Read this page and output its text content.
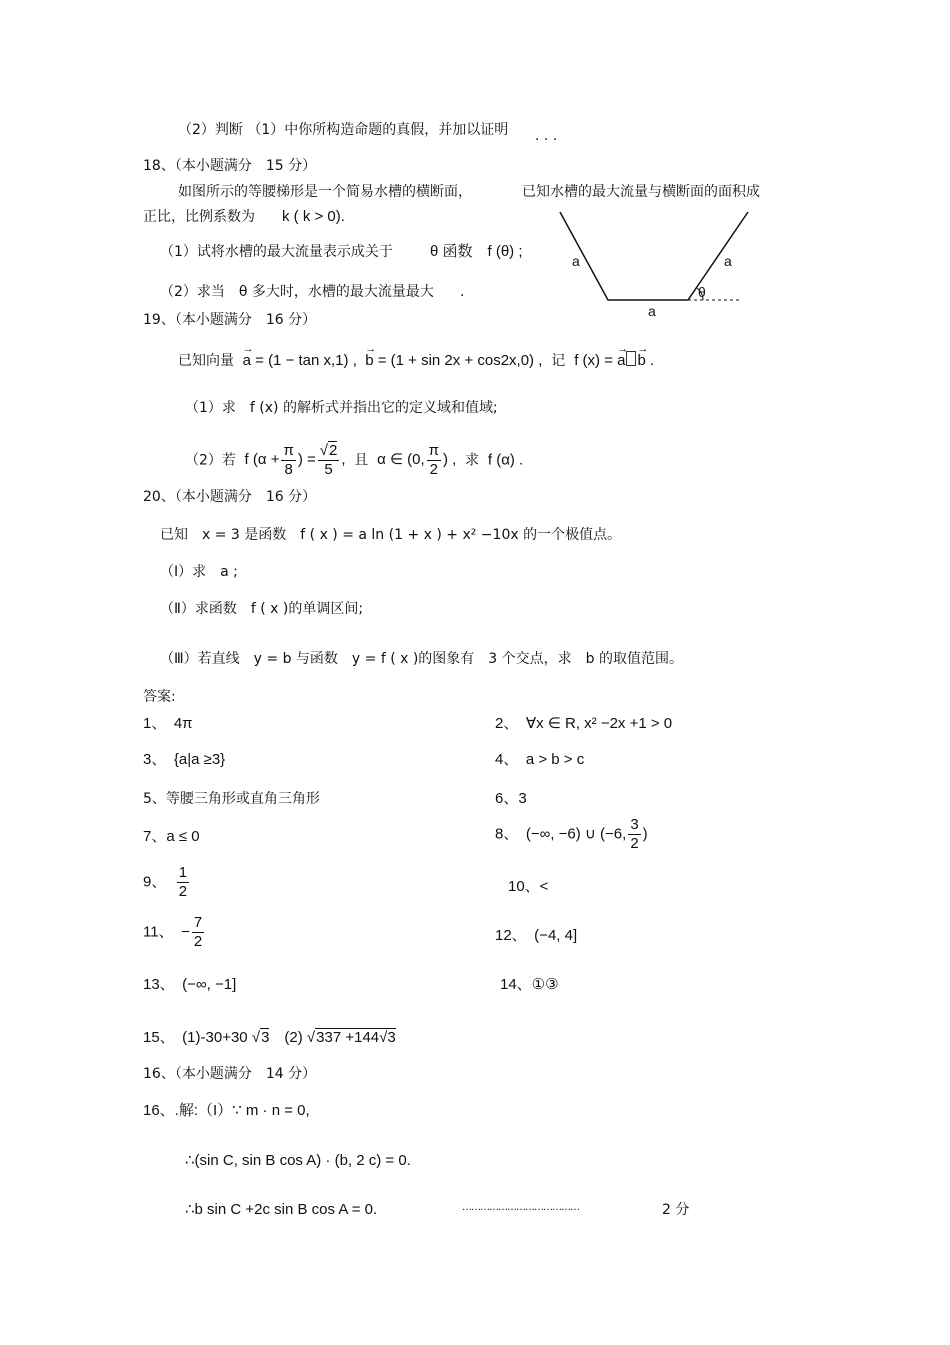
（2）判断 （1）中你所构造命题的真假，并加以证明 . . .
18、（本小题满分　15 分）
如图所示的等腰梯形是一个简易水槽的横断面，	已知水槽的最大流量与横断面的面积成
正比，比例系数为 k ( k > 0).
（1）试将水槽的最大流量表示成关于 θ 函数　f (θ) ;
（2）求当　θ 多大时，水槽的最大流量最大 .
a	a
a
θ
19、（本小题满分　16 分）
已知向量 → a = (1 − tan x,1) ,  → b = (1 + sin 2x + cos2x,0) ,  记  f (x) = → a → b .
（1）求　f (x) 的解析式并指出它的定义域和值域;
（2）若  f ($\alpha + \frac{\pi}{8}$ ) = $\frac{√2}{5}$ ,  且  α ∈ (0, $\frac{\pi}{2}$ ) ,  求  f (α) .
20、（本小题满分　16 分）
已知　x = 3 是函数　f ( x ) = a ln (1 + x ) + x² −10x 的一个极值点。
（Ⅰ）求　a ;
（Ⅱ）求函数　f ( x )的单调区间;
（Ⅲ）若直线　y = b 与函数　y = f ( x )的图象有　3 个交点，求　b 的取值范围。
答案:
1、　4π	2、　∀x ∈ R, x² −2x +1 > 0
3、　{a|a ≥3}	4、　a > b > c
5、等腰三角形或直角三角形	6、3
7、a ≤ 0	8、　(−∞, −6) ∪ (−6, $\frac{3}{2}$ )
9、 $\frac{1}{2}$	10、<
11、　− $\frac{7}{2}$	12、　(−4, 4]
13、　(−∞, −1]	14、①③
15、　(1)-30+30 √3　(2) √337 +144√3
16、（本小题满分　14 分）
16、.解:（I）∵ m · n = 0,
∴(sin C, sin B cos A) · (b, 2 c) = 0.
∴b sin C +2c sin B cos A = 0.	…………………………………	2 分
